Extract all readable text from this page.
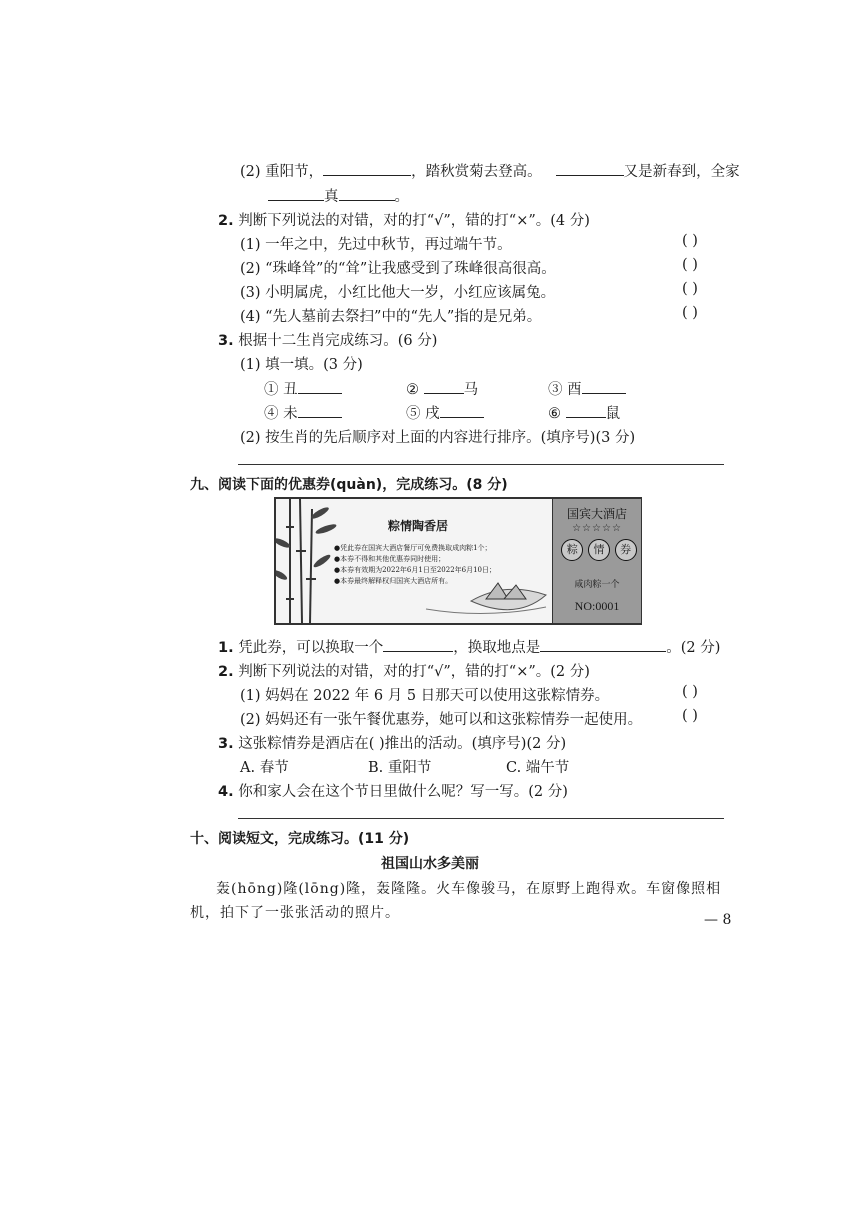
(2) 重阳节，	，踏秋赏菊去登高。	又是新春到，全家
真	。
2. 判断下列说法的对错，对的打“√”，错的打“×”。(4 分)
(1) 一年之中，先过中秋节，再过端午节。	( )
(2) “珠峰耸”的“耸”让我感受到了珠峰很高很高。	( )
(3) 小明属虎，小红比他大一岁，小红应该属兔。	( )
(4) “先人墓前去祭扫”中的“先人”指的是兄弟。	( )
3. 根据十二生肖完成练习。(6 分)
(1) 填一填。(3 分)
① 丑	②	马	③ 酉
④ 未	⑤ 戌	⑥	鼠
(2) 按生肖的先后顺序对上面的内容进行排序。(填序号)(3 分)
九、阅读下面的优惠券(quàn)，完成练习。(8 分)
粽情陶香居
●凭此券在国宾大酒店餐厅可免费换取成肉粽1个；
●本券不得和其他优惠券同时使用；
●本券有效期为2022年6月1日至2022年6月10日；
●本券最终解释权归国宾大酒店所有。
国宾大酒店
☆☆☆☆☆
粽	情	券
咸肉粽一个
NO:0001
1. 凭此券，可以换取一个	，换取地点是	。(2 分)
2. 判断下列说法的对错，对的打“√”，错的打“×”。(2 分)
(1) 妈妈在 2022 年 6 月 5 日那天可以使用这张粽情券。	( )
(2) 妈妈还有一张午餐优惠券，她可以和这张粽情券一起使用。	( )
3. 这张粽情券是酒店在( )推出的活动。(填序号)(2 分)
A. 春节	B. 重阳节	C. 端午节
4. 你和家人会在这个节日里做什么呢？写一写。(2 分)
十、阅读短文，完成练习。(11 分)
祖国山水多美丽
轰(hōng)隆(lōng)隆，轰隆隆。火车像骏马，在原野上跑得欢。车窗像照相
机，拍下了一张张活动的照片。	— 8
